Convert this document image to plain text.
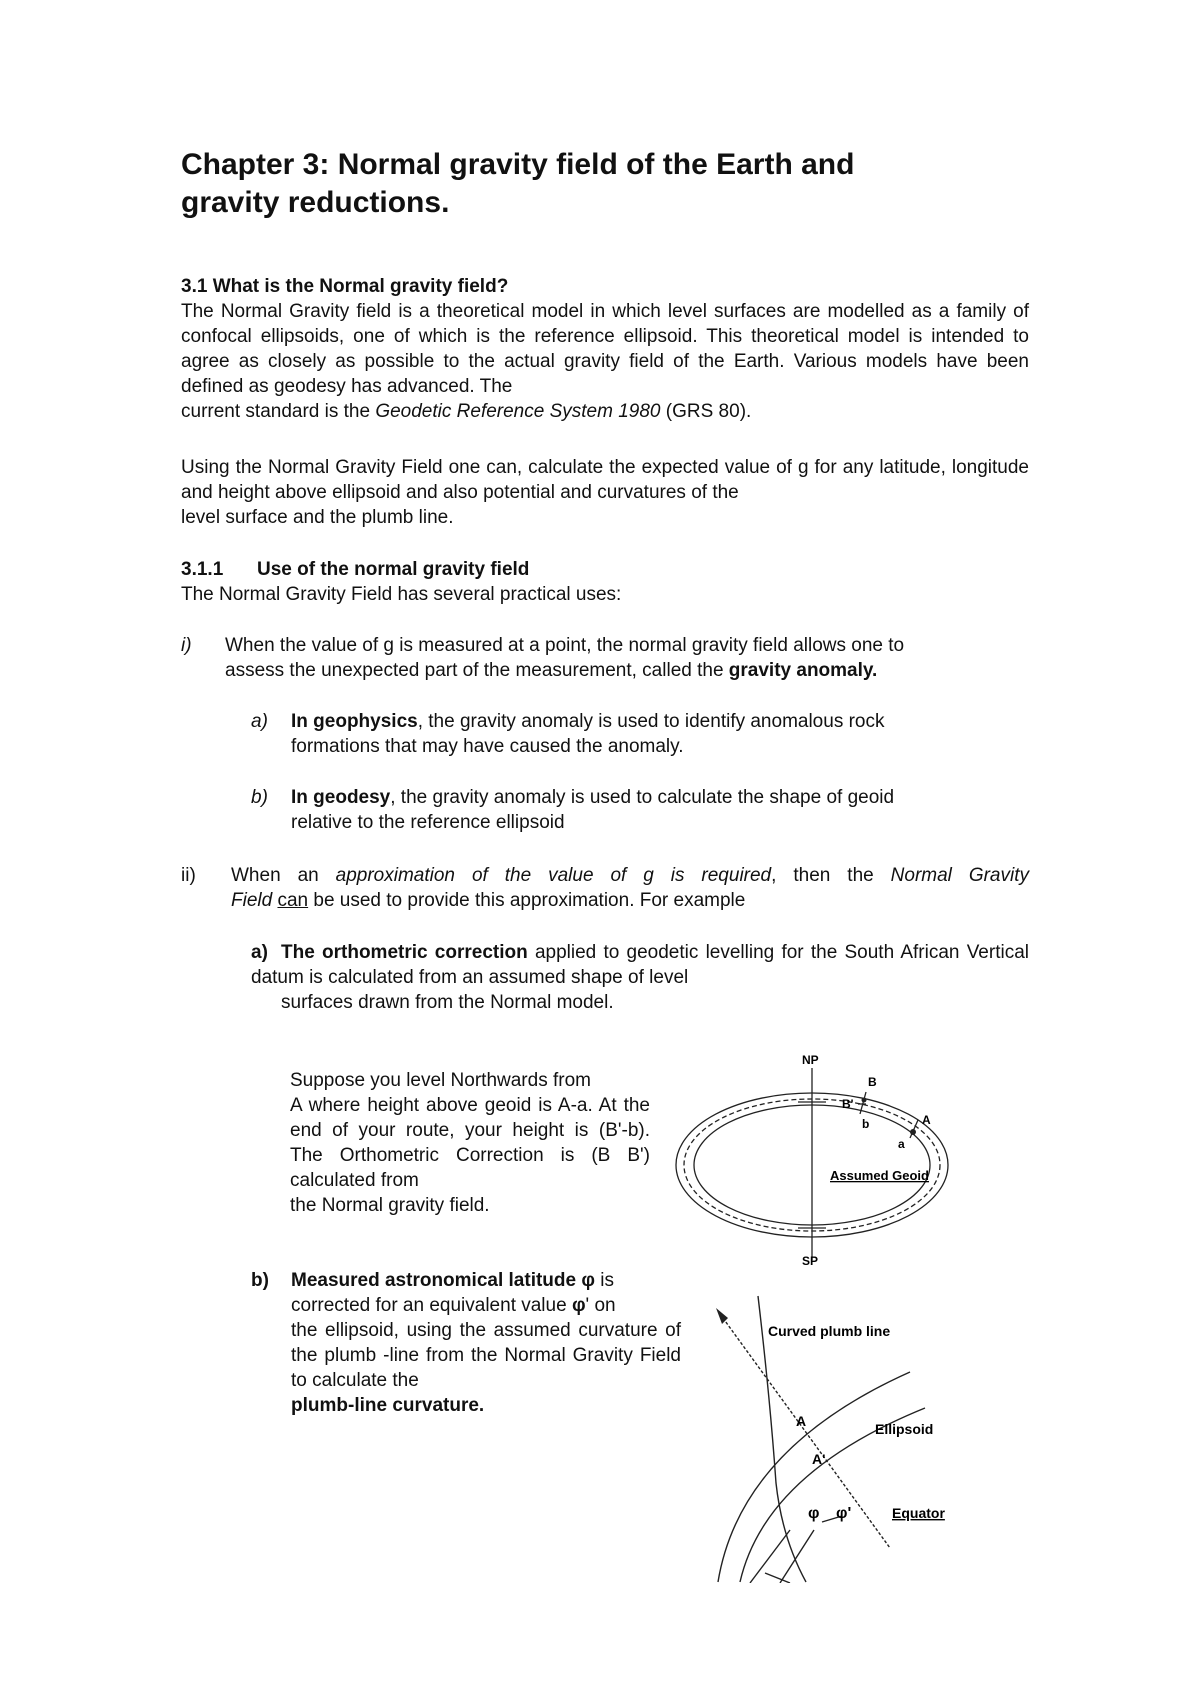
Chapter 3: Normal gravity field of the Earth and
gravity reductions.

3.1 What is the Normal gravity field?

The Normal Gravity field is a theoretical model in which level surfaces are modelled as a family of confocal ellipsoids, one of which is the reference ellipsoid. This theoretical model is intended to agree as closely as possible to the actual gravity field of the Earth. Various models have been defined as geodesy has advanced. The

current standard is the Geodetic Reference System 1980 (GRS 80).

Using the Normal Gravity Field one can, calculate the expected value of g for any latitude, longitude and height above ellipsoid and also potential and curvatures of the

level surface and the plumb line.

3.1.1 Use of the normal gravity field

The Normal Gravity Field has several practical uses:

i) When the value of g is measured at a point, the normal gravity field allows one to

assess the unexpected part of the measurement, called the gravity anomaly.

a) In geophysics, the gravity anomaly is used to identify anomalous rock

formations that may have caused the anomaly.

b) In geodesy, the gravity anomaly is used to calculate the shape of geoid

relative to the reference ellipsoid

ii) When an approximation of the value of g is required, then the Normal Gravity

Field can be used to provide this approximation. For example

a) The orthometric correction applied to geodetic levelling for the South African Vertical datum is calculated from an assumed shape of level

surfaces drawn from the Normal model.

Suppose you level Northwards from

A where height above geoid is A-a. At the end of your route, your height is (B'-b). The Orthometric Correction is (B B') calculated from

the Normal gravity field.

b) Measured astronomical latitude φ is

corrected for an equivalent value φ' on

the ellipsoid, using the assumed curvature of the plumb -line from the Normal Gravity Field to calculate the

plumb-line curvature.

NP
SP
B
B'
b	A
a
Assumed Geoid
Curved plumb line
A
A'
Ellipsoid
φ φ'	Equator
